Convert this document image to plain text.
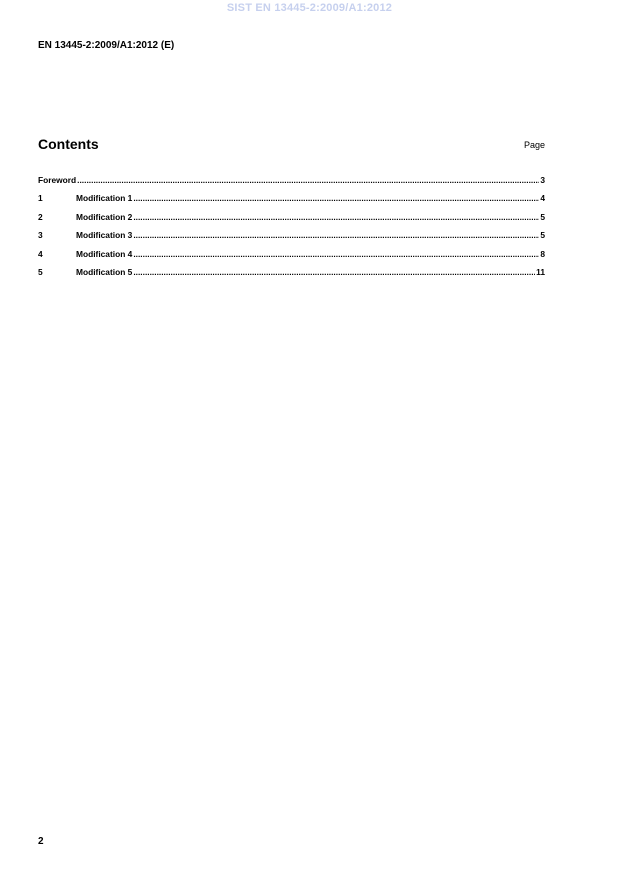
SIST EN 13445-2:2009/A1:2012
EN 13445-2:2009/A1:2012 (E)
Contents	Page
Foreword .....	3
1	Modification 1 .....	4
2	Modification 2 .....	5
3	Modification 3 .....	5
4	Modification 4 .....	8
5	Modification 5 .....	11
2
